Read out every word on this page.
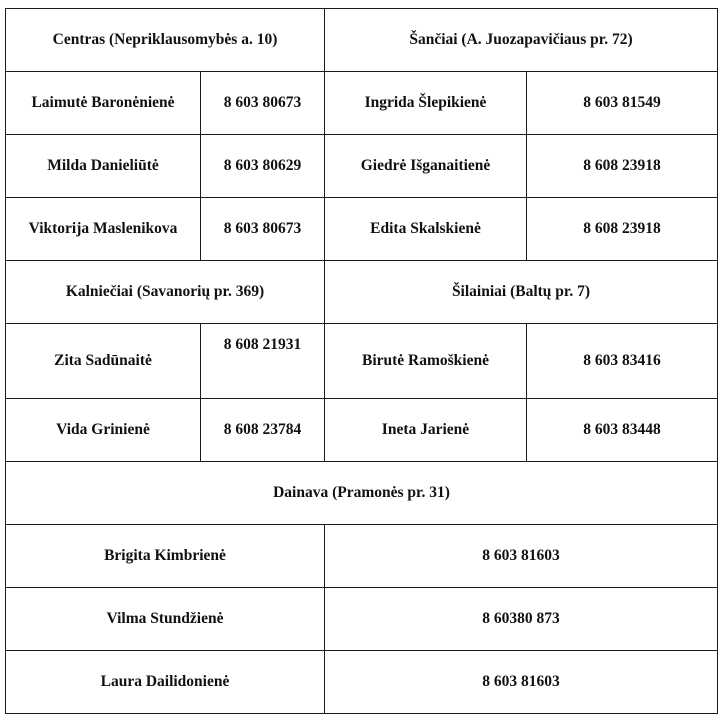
Centras (Nepriklausomybės a. 10)		Šančiai (A. Juozapavičiaus pr. 72)	
Laimutė Baronėnienė	8 603 80673	Ingrida Šlepikienė	8 603 81549
Milda Danieliūtė	8 603 80629	Giedrė Išganaitienė	8 608 23918
Viktorija Maslenikova	8 603 80673	Edita Skalskienė	8 608 23918
Kalniečiai (Savanorių pr. 369)		Šilainiai (Baltų pr. 7)	
Zita Sadūnaitė	8 608 21931	Birutė Ramoškienė	8 603 83416
Vida Grinienė	8 608 23784	Ineta Jarienė	8 603 83448
Dainava (Pramonės pr. 31)			
Brigita Kimbrienė		8 603 81603	
Vilma Stundžienė		8 60380 873	
Laura Dailidonienė		8 603 81603	
